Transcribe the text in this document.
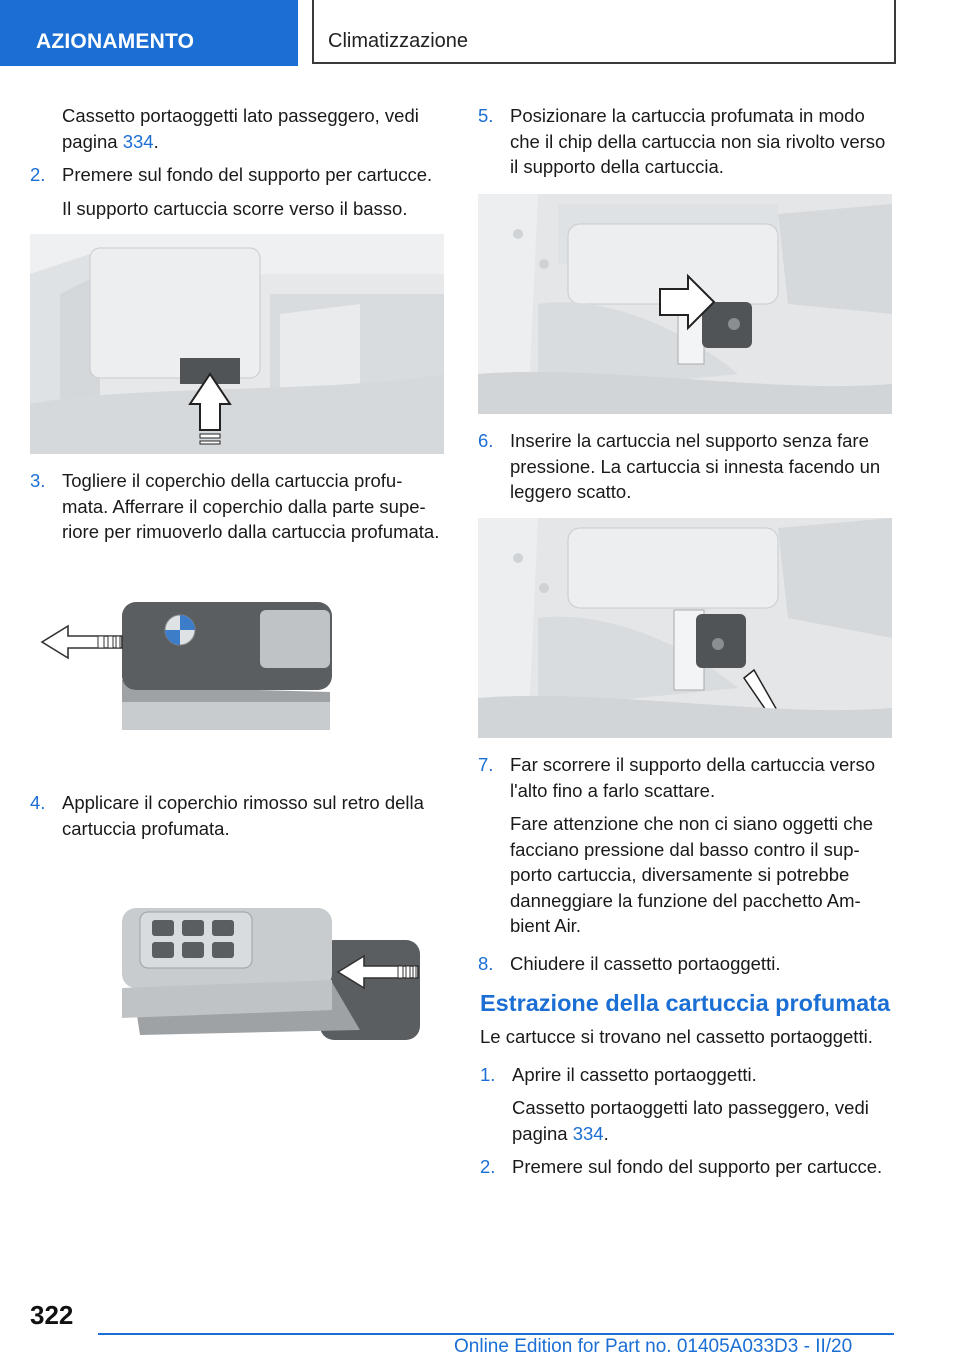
AZIONAMENTO	Climatizzazione
Cassetto portaoggetti lato passeggero, vedi pagina 334.
2. Premere sul fondo del supporto per cartucce.
Il supporto cartuccia scorre verso il basso.
3. Togliere il coperchio della cartuccia profu-mata. Afferrare il coperchio dalla parte supe-riore per rimuoverlo dalla cartuccia profumata.
4. Applicare il coperchio rimosso sul retro della cartuccia profumata.
5. Posizionare la cartuccia profumata in modo che il chip della cartuccia non sia rivolto verso il supporto della cartuccia.
6. Inserire la cartuccia nel supporto senza fare pressione. La cartuccia si innesta facendo un leggero scatto.
7. Far scorrere il supporto della cartuccia verso l'alto fino a farlo scattare.
Fare attenzione che non ci siano oggetti che facciano pressione dal basso contro il sup-porto cartuccia, diversamente si potrebbe danneggiare la funzione del pacchetto Am-bient Air.
8. Chiudere il cassetto portaoggetti.
Estrazione della cartuccia profumata
Le cartucce si trovano nel cassetto portaoggetti.
1. Aprire il cassetto portaoggetti.
Cassetto portaoggetti lato passeggero, vedi pagina 334.
2. Premere sul fondo del supporto per cartucce.
322
Online Edition for Part no. 01405A033D3 - II/20
